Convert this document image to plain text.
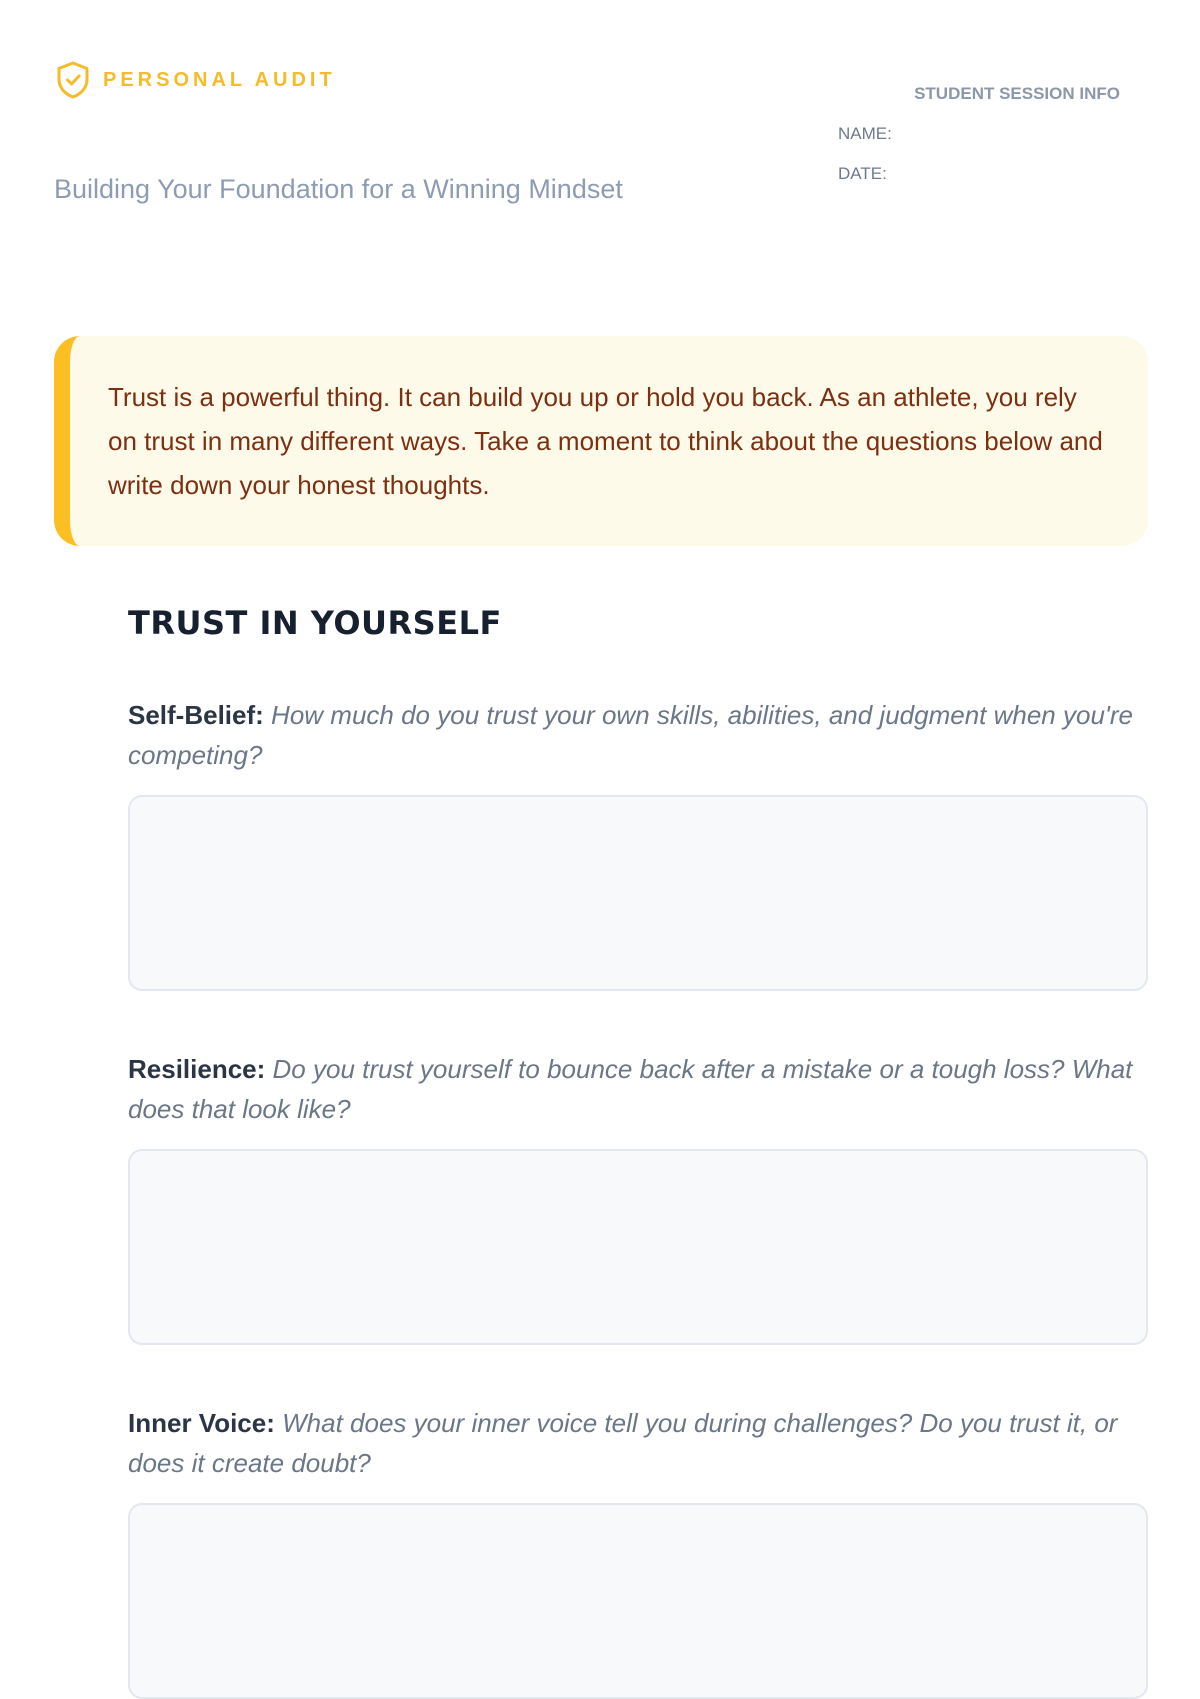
PERSONAL AUDIT
Building Your Foundation for a Winning Mindset
STUDENT SESSION INFO
NAME:
DATE:

Trust is a powerful thing. It can build you up or hold you back. As an athlete, you rely on trust in many different ways. Take a moment to think about the questions below and write down your honest thoughts.

TRUST IN YOURSELF
Self-Belief: How much do you trust your own skills, abilities, and judgment when you're competing?
Resilience: Do you trust yourself to bounce back after a mistake or a tough loss? What does that look like?
Inner Voice: What does your inner voice tell you during challenges? Do you trust it, or does it create doubt?
